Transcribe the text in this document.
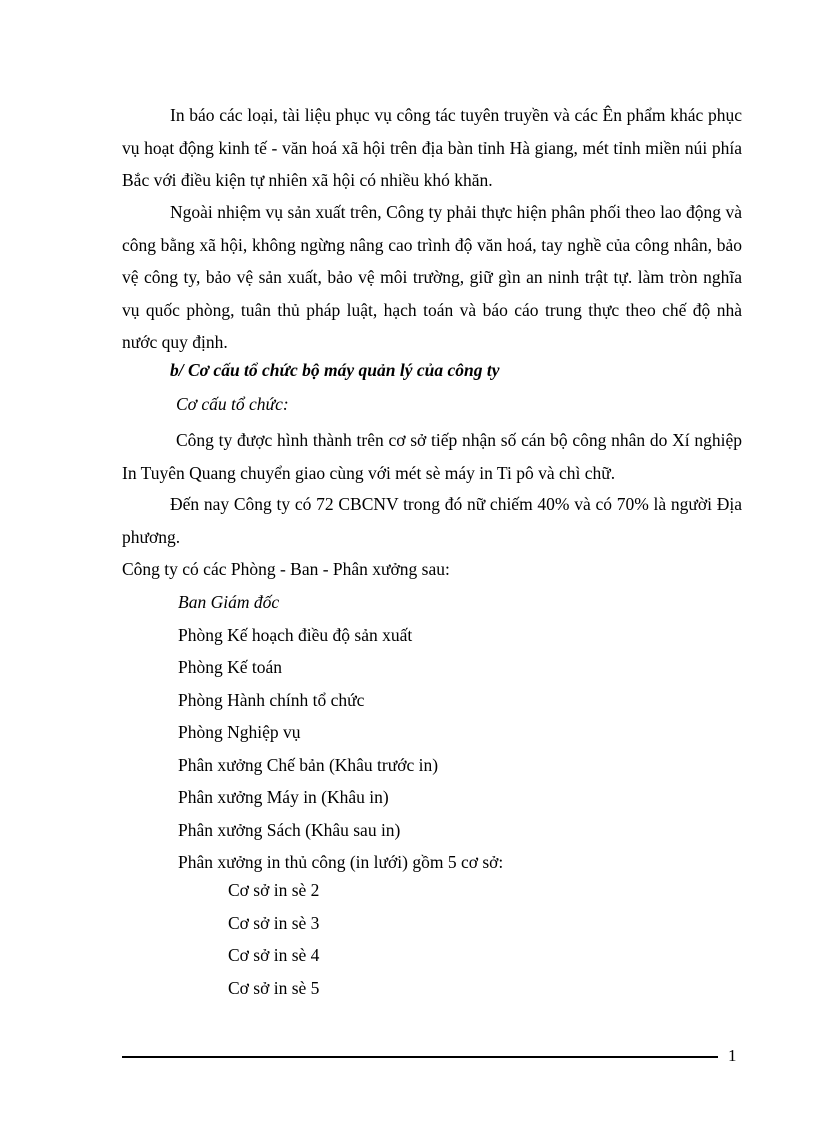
In báo các loại, tài liệu phục vụ công tác tuyên truyền và các Ên phẩm khác phục vụ hoạt động kinh tế - văn hoá xã hội trên địa bàn tỉnh Hà giang, mét tỉnh miền núi phía Bắc với điều kiện tự nhiên xã hội có nhiều khó khăn.

Ngoài nhiệm vụ sản xuất trên, Công ty phải thực hiện phân phối theo lao động và công bằng xã hội, không ngừng nâng cao trình độ văn hoá, tay nghề của công nhân, bảo vệ công ty, bảo vệ sản xuất, bảo vệ môi trường, giữ gìn an ninh trật tự. làm tròn nghĩa vụ quốc phòng, tuân thủ pháp luật, hạch toán và báo cáo trung thực theo chế độ nhà nước quy định.

b/ Cơ cấu tổ chức bộ máy quản lý của công ty

Cơ cấu tổ chức:

Công ty được hình thành trên cơ sở tiếp nhận số cán bộ công nhân do Xí nghiệp In Tuyên Quang chuyển giao cùng với mét sè máy in Ti pô và chì chữ.

Đến nay Công ty có 72 CBCNV trong đó nữ chiếm 40% và có 70% là người Địa phương.

Công ty có các Phòng - Ban - Phân xưởng sau:

Ban Giám đốc
Phòng Kế hoạch điều độ sản xuất
Phòng Kế toán
Phòng Hành chính tổ chức
Phòng Nghiệp vụ
Phân xưởng Chế bản (Khâu trước in)
Phân xưởng Máy in (Khâu in)
Phân xưởng Sách (Khâu sau in)
Phân xưởng in thủ công (in lưới) gồm 5 cơ sở:
Cơ sở in sè 2
Cơ sở in sè 3
Cơ sở in sè 4
Cơ sở in sè 5

1
